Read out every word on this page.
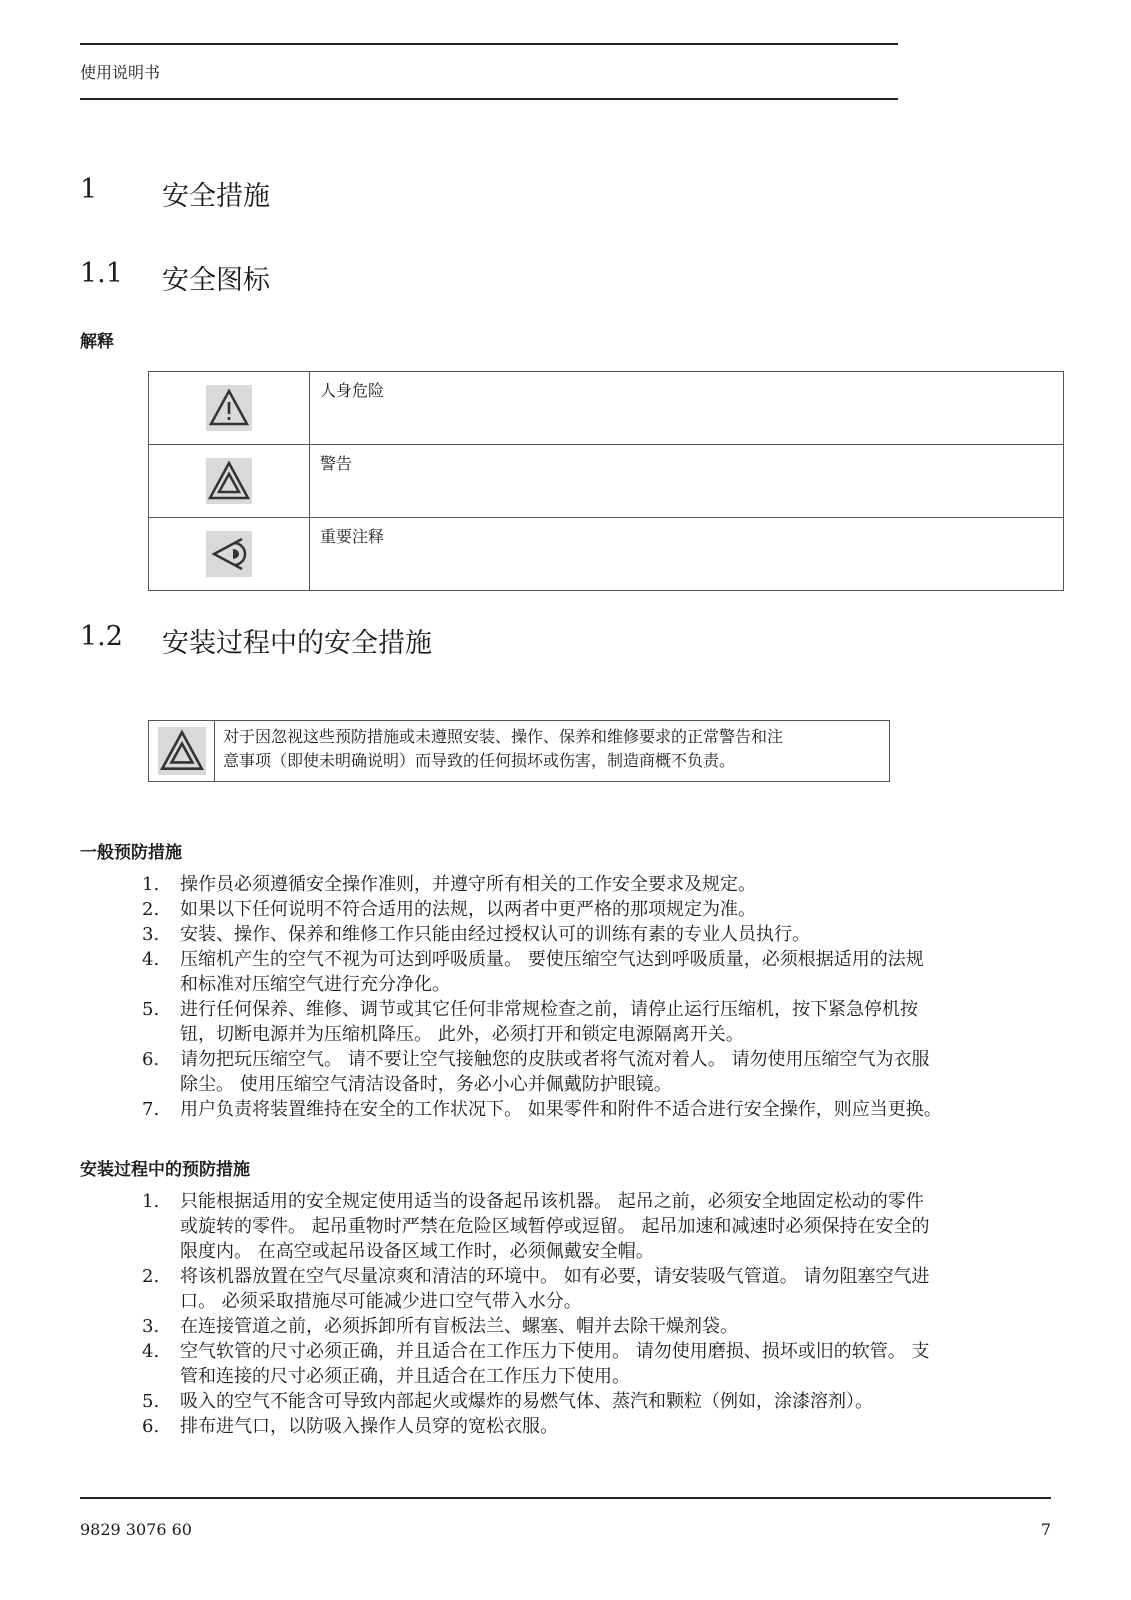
使用说明书
1 安全措施
1.1 安全图标
解释
	人身危险

	警告

	重要注释
1.2 安装过程中的安全措施
对于因忽视这些预防措施或未遵照安装、操作、保养和维修要求的正常警告和注
意事项（即使未明确说明）而导致的任何损坏或伤害，制造商概不负责。
一般预防措施
1. 操作员必须遵循安全操作准则，并遵守所有相关的工作安全要求及规定。
2. 如果以下任何说明不符合适用的法规，以两者中更严格的那项规定为准。
3. 安装、操作、保养和维修工作只能由经过授权认可的训练有素的专业人员执行。
4. 压缩机产生的空气不视为可达到呼吸质量。 要使压缩空气达到呼吸质量，必须根据适用的法规
和标准对压缩空气进行充分净化。
5. 进行任何保养、维修、调节或其它任何非常规检查之前，请停止运行压缩机，按下紧急停机按
钮，切断电源并为压缩机降压。 此外，必须打开和锁定电源隔离开关。
6. 请勿把玩压缩空气。 请不要让空气接触您的皮肤或者将气流对着人。 请勿使用压缩空气为衣服
除尘。 使用压缩空气清洁设备时，务必小心并佩戴防护眼镜。
7. 用户负责将装置维持在安全的工作状况下。 如果零件和附件不适合进行安全操作，则应当更换。
安装过程中的预防措施
1. 只能根据适用的安全规定使用适当的设备起吊该机器。 起吊之前，必须安全地固定松动的零件
或旋转的零件。 起吊重物时严禁在危险区域暂停或逗留。 起吊加速和减速时必须保持在安全的
限度内。 在高空或起吊设备区域工作时，必须佩戴安全帽。
2. 将该机器放置在空气尽量凉爽和清洁的环境中。 如有必要，请安装吸气管道。 请勿阻塞空气进
口。 必须采取措施尽可能减少进口空气带入水分。
3. 在连接管道之前，必须拆卸所有盲板法兰、螺塞、帽并去除干燥剂袋。
4. 空气软管的尺寸必须正确，并且适合在工作压力下使用。 请勿使用磨损、损坏或旧的软管。 支
管和连接的尺寸必须正确，并且适合在工作压力下使用。
5. 吸入的空气不能含可导致内部起火或爆炸的易燃气体、蒸汽和颗粒（例如，涂漆溶剂）。
6. 排布进气口，以防吸入操作人员穿的宽松衣服。
9829 3076 60	7
